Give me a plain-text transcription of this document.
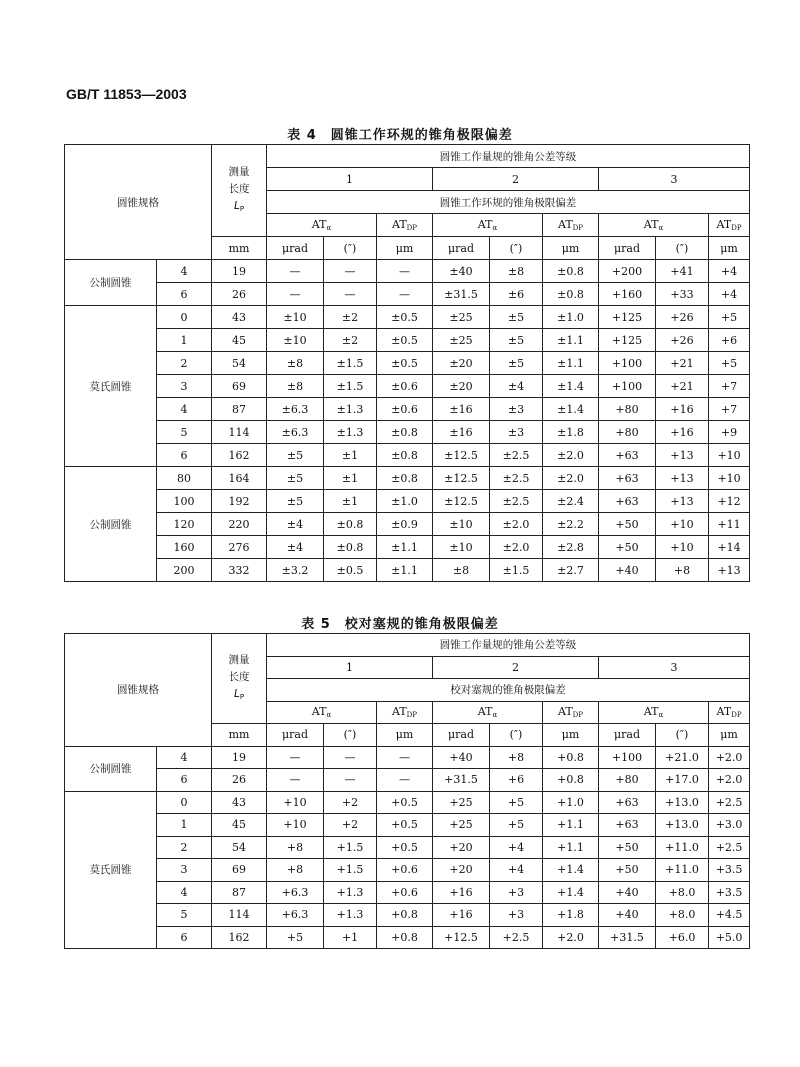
GB/T 11853—2003
表 4　圆锥工作环规的锥角极限偏差
圆锥规格		测量
长度
$L_P$	圆锥工作量规的锥角公差等级								
			1			2			3		
			圆锥工作环规的锥角极限偏差								
			$AT_\alpha$		$AT_{DP}$	$AT_\alpha$		$AT_{DP}$	$AT_\alpha$		$AT_{DP}$
		mm	μrad	(″)	μm	μrad	(″)	μm	μrad	(″)	μm
公制圆锥	4	19	—	—	—	±40	±8	±0.8	+200	+41	+4
	6	26	—	—	—	±31.5	±6	±0.8	+160	+33	+4
莫氏圆锥	0	43	±10	±2	±0.5	±25	±5	±1.0	+125	+26	+5
	1	45	±10	±2	±0.5	±25	±5	±1.1	+125	+26	+6
	2	54	±8	±1.5	±0.5	±20	±5	±1.1	+100	+21	+5
	3	69	±8	±1.5	±0.6	±20	±4	±1.4	+100	+21	+7
	4	87	±6.3	±1.3	±0.6	±16	±3	±1.4	+80	+16	+7
	5	114	±6.3	±1.3	±0.8	±16	±3	±1.8	+80	+16	+9
	6	162	±5	±1	±0.8	±12.5	±2.5	±2.0	+63	+13	+10
公制圆锥	80	164	±5	±1	±0.8	±12.5	±2.5	±2.0	+63	+13	+10
	100	192	±5	±1	±1.0	±12.5	±2.5	±2.4	+63	+13	+12
	120	220	±4	±0.8	±0.9	±10	±2.0	±2.2	+50	+10	+11
	160	276	±4	±0.8	±1.1	±10	±2.0	±2.8	+50	+10	+14
	200	332	±3.2	±0.5	±1.1	±8	±1.5	±2.7	+40	+8	+13
表 5　校对塞规的锥角极限偏差
圆锥规格		测量
长度
$L_P$	圆锥工作量规的锥角公差等级								
			1			2			3		
			校对塞规的锥角极限偏差								
			$AT_\alpha$		$AT_{DP}$	$AT_\alpha$		$AT_{DP}$	$AT_\alpha$		$AT_{DP}$
		mm	μrad	(″)	μm	μrad	(″)	μm	μrad	(″)	μm
公制圆锥	4	19	—	—	—	+40	+8	+0.8	+100	+21.0	+2.0
	6	26	—	—	—	+31.5	+6	+0.8	+80	+17.0	+2.0
莫氏圆锥	0	43	+10	+2	+0.5	+25	+5	+1.0	+63	+13.0	+2.5
	1	45	+10	+2	+0.5	+25	+5	+1.1	+63	+13.0	+3.0
	2	54	+8	+1.5	+0.5	+20	+4	+1.1	+50	+11.0	+2.5
	3	69	+8	+1.5	+0.6	+20	+4	+1.4	+50	+11.0	+3.5
	4	87	+6.3	+1.3	+0.6	+16	+3	+1.4	+40	+8.0	+3.5
	5	114	+6.3	+1.3	+0.8	+16	+3	+1.8	+40	+8.0	+4.5
	6	162	+5	+1	+0.8	+12.5	+2.5	+2.0	+31.5	+6.0	+5.0
